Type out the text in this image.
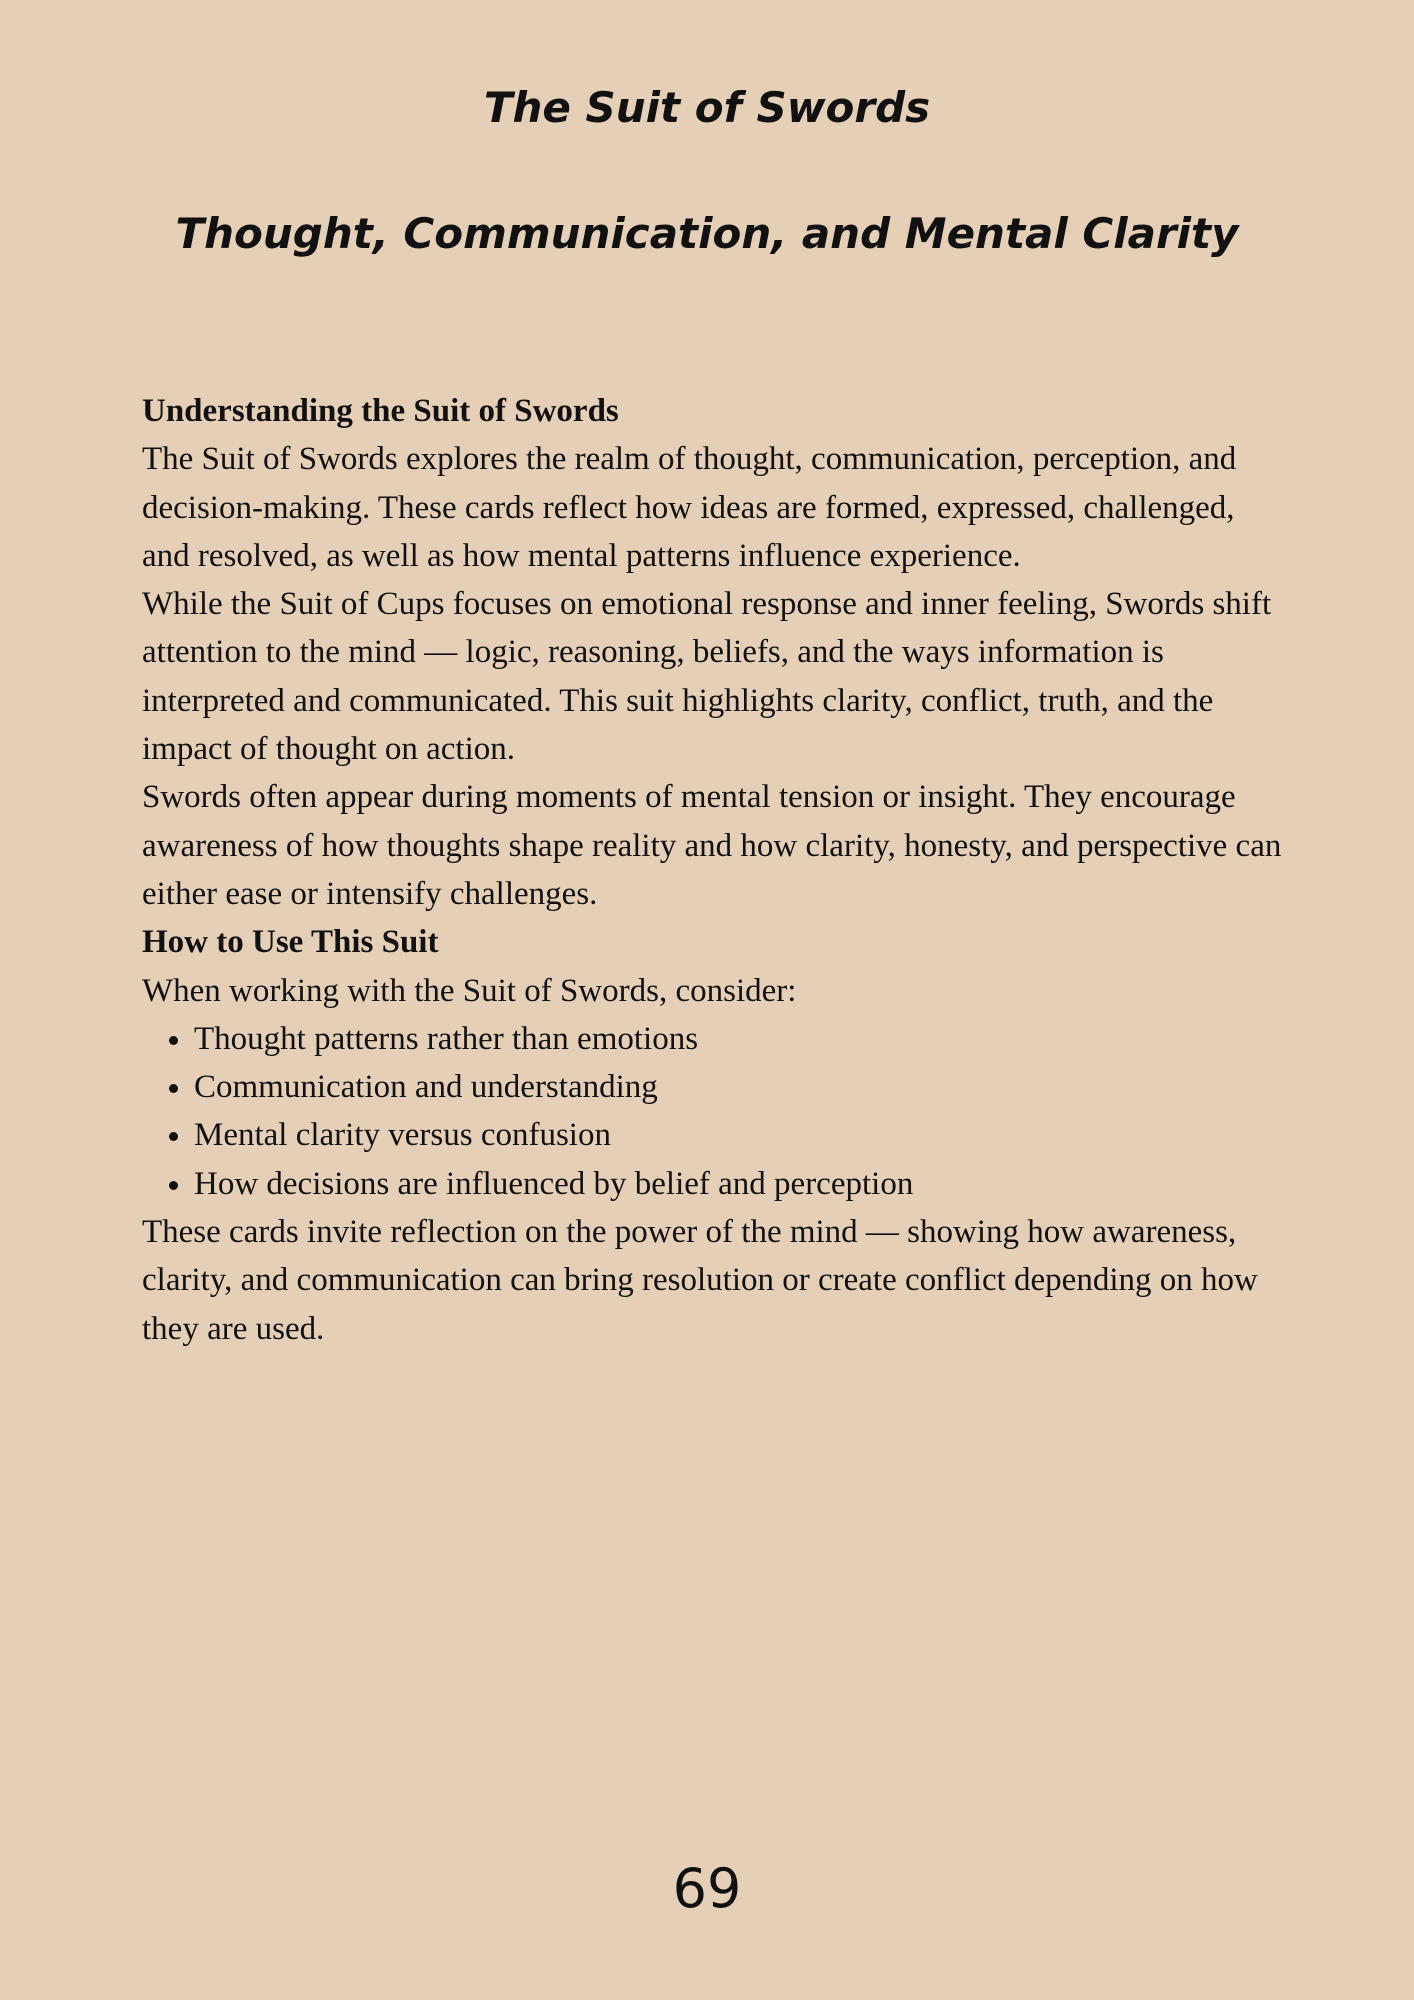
The Suit of Swords
Thought, Communication, and Mental Clarity
Understanding the Suit of Swords

The Suit of Swords explores the realm of thought, communication, perception, and decision-making. These cards reflect how ideas are formed, expressed, challenged, and resolved, as well as how mental patterns influence experience.

While the Suit of Cups focuses on emotional response and inner feeling, Swords shift attention to the mind — logic, reasoning, beliefs, and the ways information is interpreted and communicated. This suit highlights clarity, conflict, truth, and the impact of thought on action.

Swords often appear during moments of mental tension or insight. They encourage awareness of how thoughts shape reality and how clarity, honesty, and perspective can either ease or intensify challenges.

How to Use This Suit

When working with the Suit of Swords, consider:

• Thought patterns rather than emotions
• Communication and understanding
• Mental clarity versus confusion
• How decisions are influenced by belief and perception

These cards invite reflection on the power of the mind — showing how awareness, clarity, and communication can bring resolution or create conflict depending on how they are used.

69
